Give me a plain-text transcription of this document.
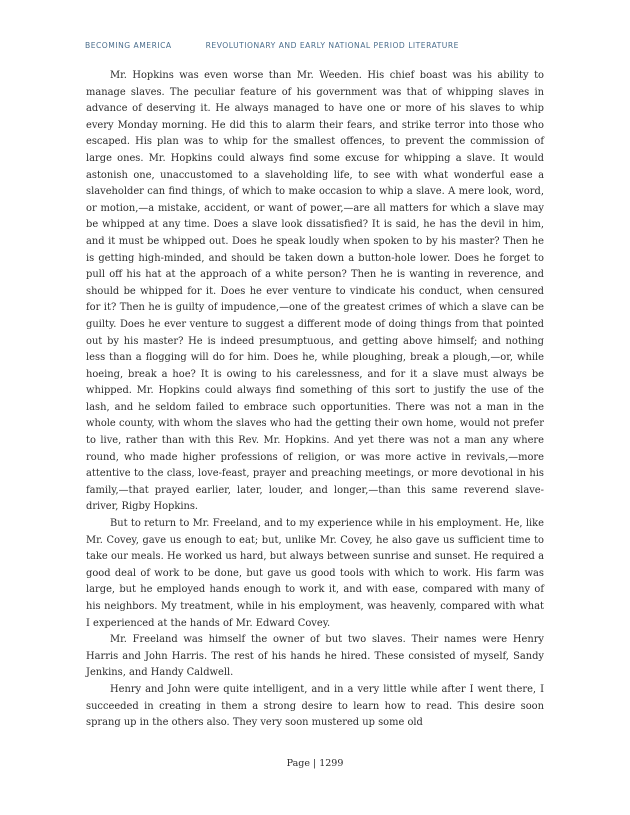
BECOMING AMERICA	REVOLUTIONARY AND EARLY NATIONAL PERIOD LITERATURE

Mr. Hopkins was even worse than Mr. Weeden. His chief boast was his ability to manage slaves. The peculiar feature of his government was that of whipping slaves in advance of deserving it. He always managed to have one or more of his slaves to whip every Monday morning. He did this to alarm their fears, and strike terror into those who escaped. His plan was to whip for the smallest offences, to prevent the commission of large ones. Mr. Hopkins could always find some excuse for whipping a slave. It would astonish one, unaccustomed to a slaveholding life, to see with what wonderful ease a slaveholder can find things, of which to make occasion to whip a slave. A mere look, word, or motion,—a mistake, accident, or want of power,—are all matters for which a slave may be whipped at any time. Does a slave look dissatisfied? It is said, he has the devil in him, and it must be whipped out. Does he speak loudly when spoken to by his master? Then he is getting high-minded, and should be taken down a button-hole lower. Does he forget to pull off his hat at the approach of a white person? Then he is wanting in reverence, and should be whipped for it. Does he ever venture to vindicate his conduct, when censured for it? Then he is guilty of impudence,—one of the greatest crimes of which a slave can be guilty. Does he ever venture to suggest a different mode of doing things from that pointed out by his master? He is indeed presumptuous, and getting above himself; and nothing less than a flogging will do for him. Does he, while ploughing, break a plough,—or, while hoeing, break a hoe? It is owing to his carelessness, and for it a slave must always be whipped. Mr. Hopkins could always find something of this sort to justify the use of the lash, and he seldom failed to embrace such opportunities. There was not a man in the whole county, with whom the slaves who had the getting their own home, would not prefer to live, rather than with this Rev. Mr. Hopkins. And yet there was not a man any where round, who made higher professions of religion, or was more active in revivals,—more attentive to the class, love-feast, prayer and preaching meetings, or more devotional in his family,—that prayed earlier, later, louder, and longer,—than this same reverend slave-driver, Rigby Hopkins.

But to return to Mr. Freeland, and to my experience while in his employment. He, like Mr. Covey, gave us enough to eat; but, unlike Mr. Covey, he also gave us sufficient time to take our meals. He worked us hard, but always between sunrise and sunset. He required a good deal of work to be done, but gave us good tools with which to work. His farm was large, but he employed hands enough to work it, and with ease, compared with many of his neighbors. My treatment, while in his employment, was heavenly, compared with what I experienced at the hands of Mr. Edward Covey.

Mr. Freeland was himself the owner of but two slaves. Their names were Henry Harris and John Harris. The rest of his hands he hired. These consisted of myself, Sandy Jenkins, and Handy Caldwell.

Henry and John were quite intelligent, and in a very little while after I went there, I succeeded in creating in them a strong desire to learn how to read. This desire soon sprang up in the others also. They very soon mustered up some old

Page | 1299
